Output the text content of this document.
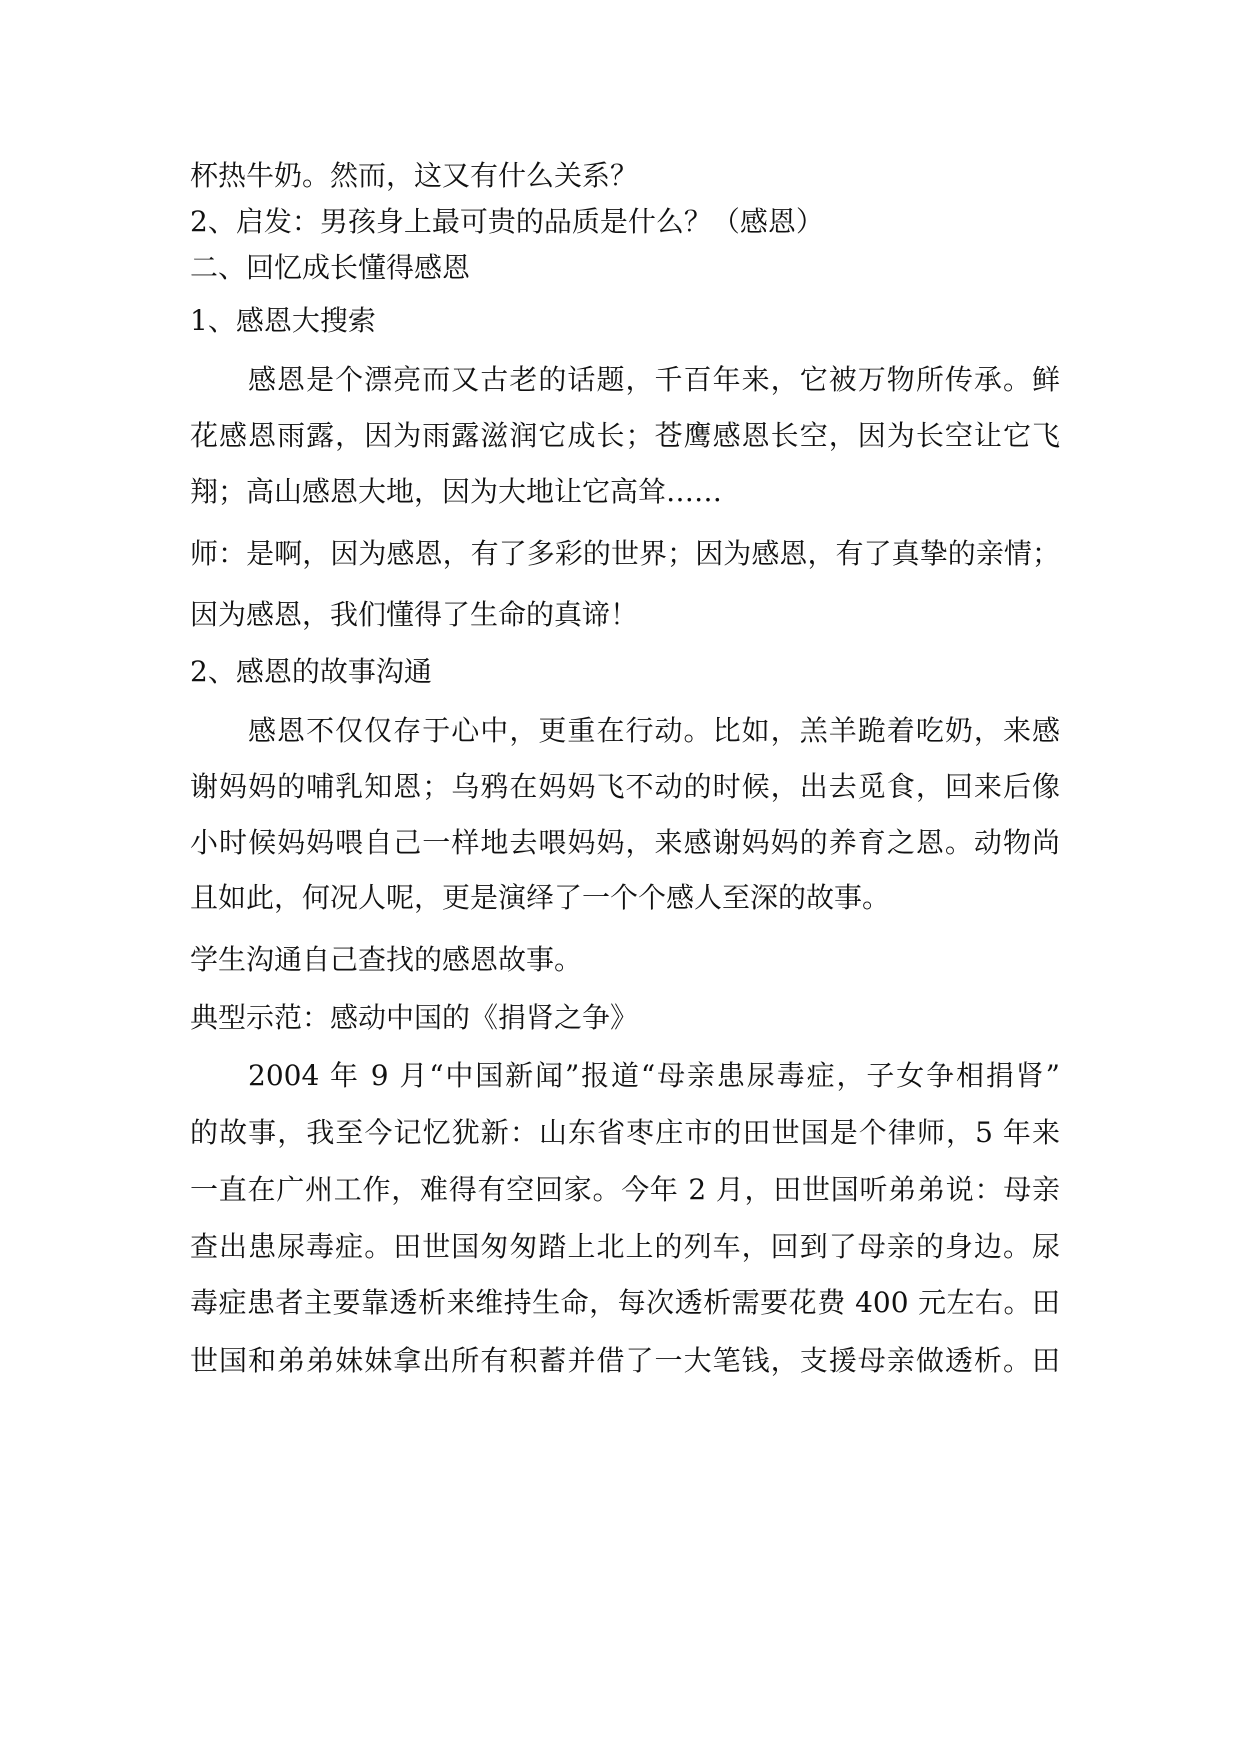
杯热牛奶。然而，这又有什么关系？
2、启发：男孩身上最可贵的品质是什么？（感恩）
二、回忆成长懂得感恩
1、感恩大搜索
感恩是个漂亮而又古老的话题，千百年来，它被万物所传承。鲜
花感恩雨露，因为雨露滋润它成长；苍鹰感恩长空，因为长空让它飞
翔；高山感恩大地，因为大地让它高耸……
师：是啊，因为感恩，有了多彩的世界；因为感恩，有了真挚的亲情；
因为感恩，我们懂得了生命的真谛！
2、感恩的故事沟通
感恩不仅仅存于心中，更重在行动。比如，羔羊跪着吃奶，来感
谢妈妈的哺乳知恩；乌鸦在妈妈飞不动的时候，出去觅食，回来后像
小时候妈妈喂自己一样地去喂妈妈，来感谢妈妈的养育之恩。动物尚
且如此，何况人呢，更是演绎了一个个感人至深的故事。
学生沟通自己查找的感恩故事。
典型示范：感动中国的《捐肾之争》
2004 年 9 月“中国新闻”报道“母亲患尿毒症，子女争相捐肾”
的故事，我至今记忆犹新：山东省枣庄市的田世国是个律师，5 年来
一直在广州工作，难得有空回家。今年 2 月，田世国听弟弟说：母亲
查出患尿毒症。田世国匆匆踏上北上的列车，回到了母亲的身边。尿
毒症患者主要靠透析来维持生命，每次透析需要花费 400 元左右。田
世国和弟弟妹妹拿出所有积蓄并借了一大笔钱，支援母亲做透析。田
